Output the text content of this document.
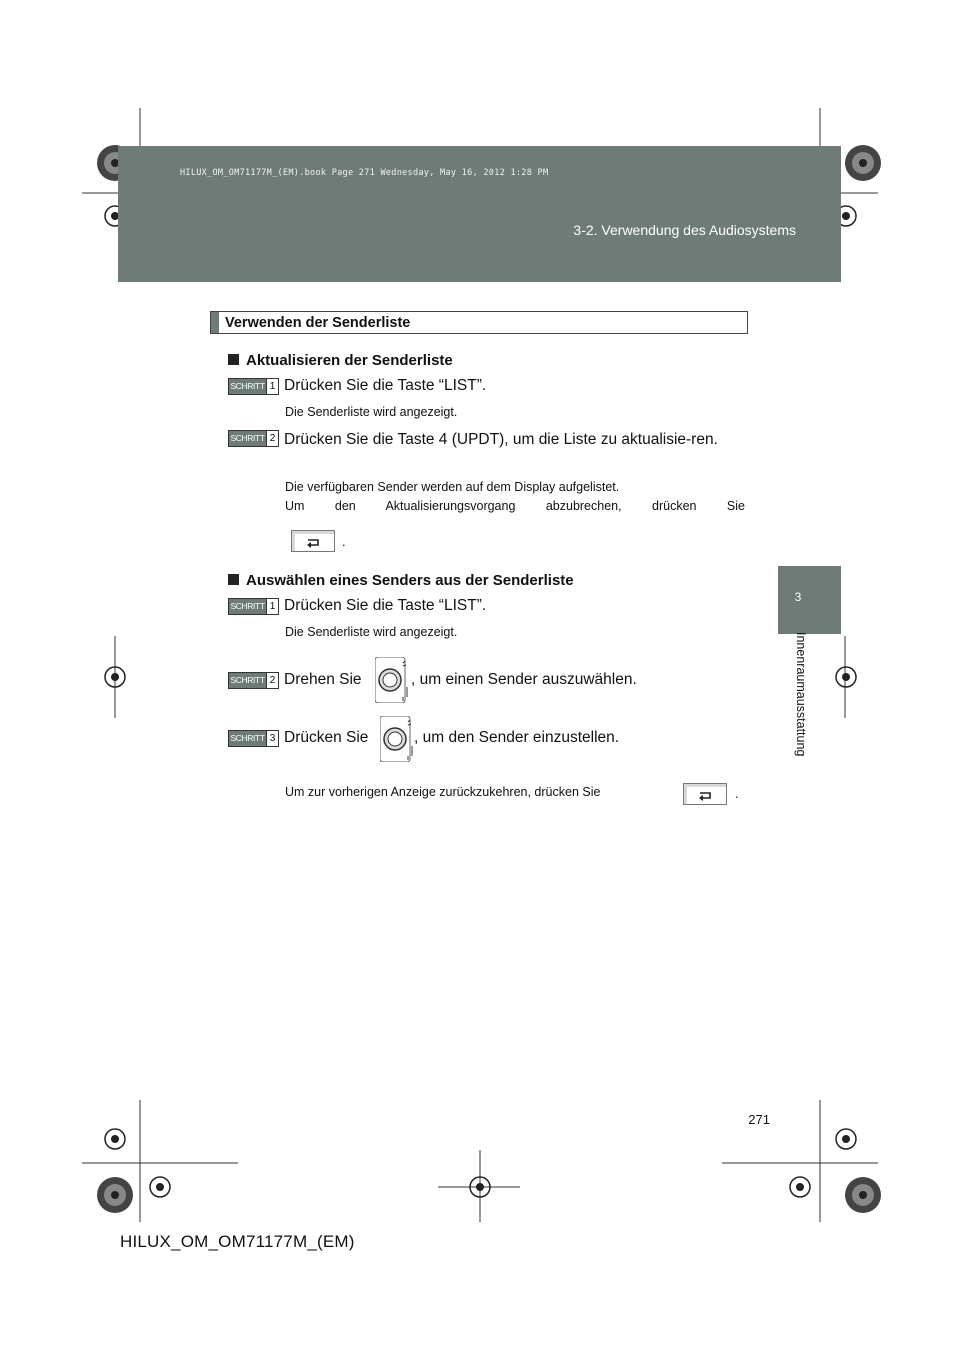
HILUX_OM_OM71177M_(EM).book Page 271 Wednesday, May 16, 2012 1:28 PM
3-2. Verwendung des Audiosystems
3
Innenraumausstattung
Verwenden der Senderliste
Aktualisieren der Senderliste
SCHRITT 1 Drücken Sie die Taste “LIST”.
Die Senderliste wird angezeigt.
SCHRITT 2 Drücken Sie die Taste 4 (UPDT), um die Liste zu aktualisie-ren.
Die verfügbaren Sender werden auf dem Display aufgelistet.
Um den Aktualisierungsvorgang abzubrechen, drücken Sie
.
Auswählen eines Senders aus der Senderliste
SCHRITT 1 Drücken Sie die Taste “LIST”.
Die Senderliste wird angezeigt.
SCHRITT 2 Drehen Sie	, um einen Sender auszuwählen.
SCHRITT 3 Drücken Sie	, um den Sender einzustellen.
Um zur vorherigen Anzeige zurückzukehren, drücken Sie	.
271
HILUX_OM_OM71177M_(EM)
